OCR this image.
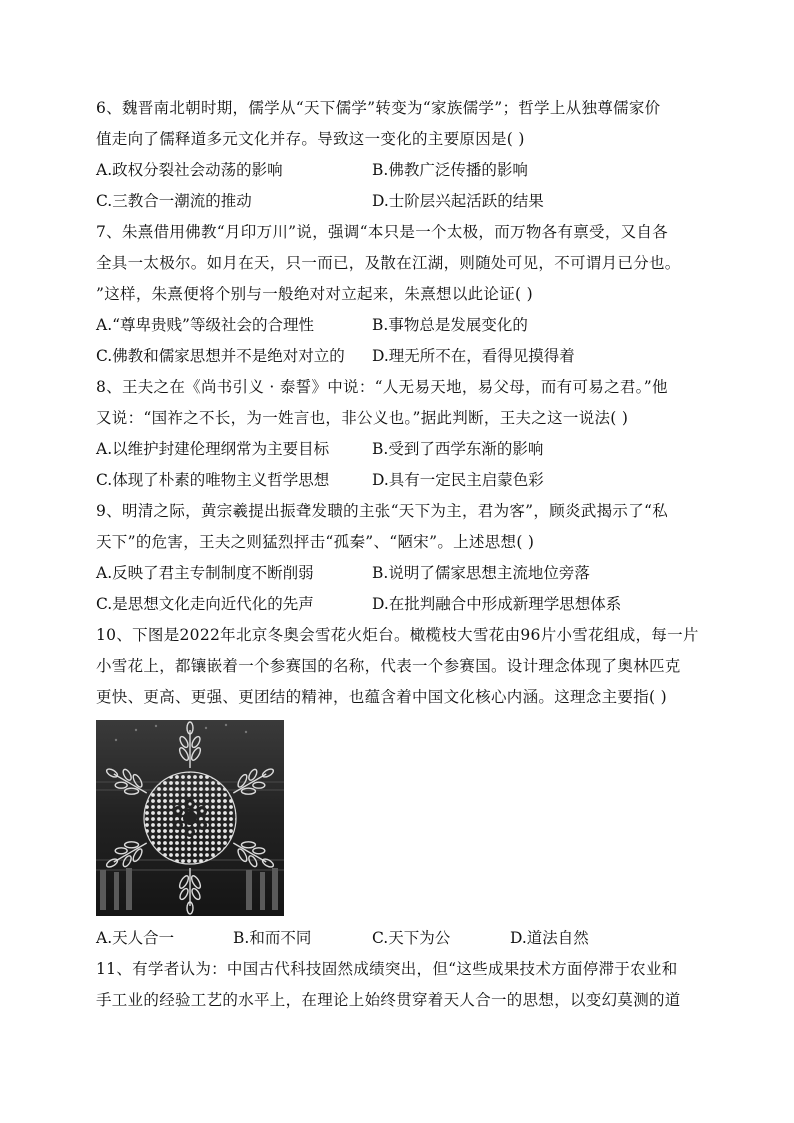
6、魏晋南北朝时期，儒学从“天下儒学”转变为“家族儒学”；哲学上从独尊儒家价
值走向了儒释道多元文化并存。导致这一变化的主要原因是( )
A.政权分裂社会动荡的影响	B.佛教广泛传播的影响
C.三教合一潮流的推动	D.士阶层兴起活跃的结果
7、朱熹借用佛教“月印万川”说，强调“本只是一个太极，而万物各有禀受，又自各
全具一太极尔。如月在天，只一而已，及散在江湖，则随处可见，不可谓月已分也。
”这样，朱熹便将个别与一般绝对对立起来，朱熹想以此论证( )
A.“尊卑贵贱”等级社会的合理性	B.事物总是发展变化的
C.佛教和儒家思想并不是绝对对立的 D.理无所不在，看得见摸得着
8、王夫之在《尚书引义 · 泰誓》中说：“人无易天地，易父母，而有可易之君。”他
又说：“国祚之不长，为一姓言也，非公义也。”据此判断，王夫之这一说法( )
A.以维护封建伦理纲常为主要目标	B.受到了西学东渐的影响
C.体现了朴素的唯物主义哲学思想	D.具有一定民主启蒙色彩
9、明清之际，黄宗羲提出振聋发聩的主张“天下为主，君为客”，顾炎武揭示了“私
天下”的危害，王夫之则猛烈抨击“孤秦”、“陋宋”。上述思想( )
A.反映了君主专制制度不断削弱	B.说明了儒家思想主流地位旁落
C.是思想文化走向近代化的先声	D.在批判融合中形成新理学思想体系
10、下图是2022年北京冬奥会雪花火炬台。橄榄枝大雪花由96片小雪花组成，每一片
小雪花上，都镶嵌着一个参赛国的名称，代表一个参赛国。设计理念体现了奥林匹克
更快、更高、更强、更团结的精神，也蕴含着中国文化核心内涵。这理念主要指( )
A.天人合一	B.和而不同	C.天下为公	D.道法自然
11、有学者认为：中国古代科技固然成绩突出，但“这些成果技术方面停滞于农业和
手工业的经验工艺的水平上，在理论上始终贯穿着天人合一的思想，以变幻莫测的道
